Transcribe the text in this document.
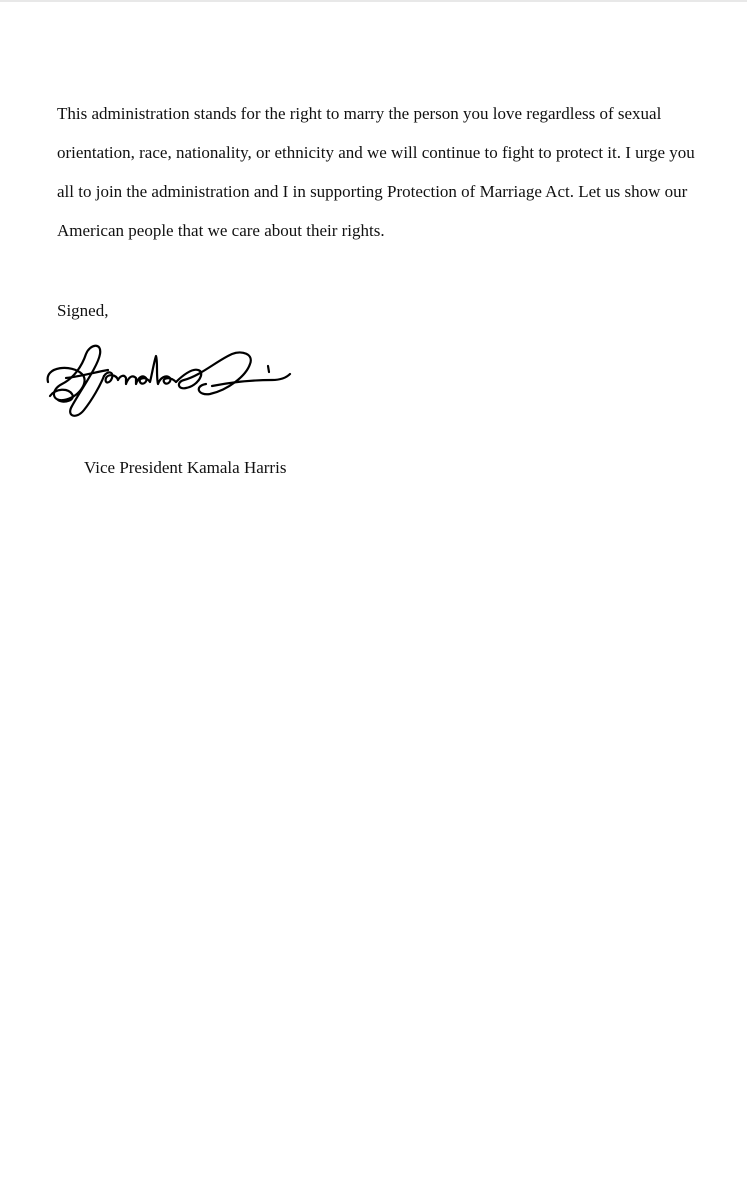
This administration stands for the right to marry the person you love regardless of sexual
orientation, race, nationality, or ethnicity and we will continue to fight to protect it. I urge you
all to join the administration and I in supporting Protection of Marriage Act. Let us show our
American people that we care about their rights.

Signed,

Vice President Kamala Harris
